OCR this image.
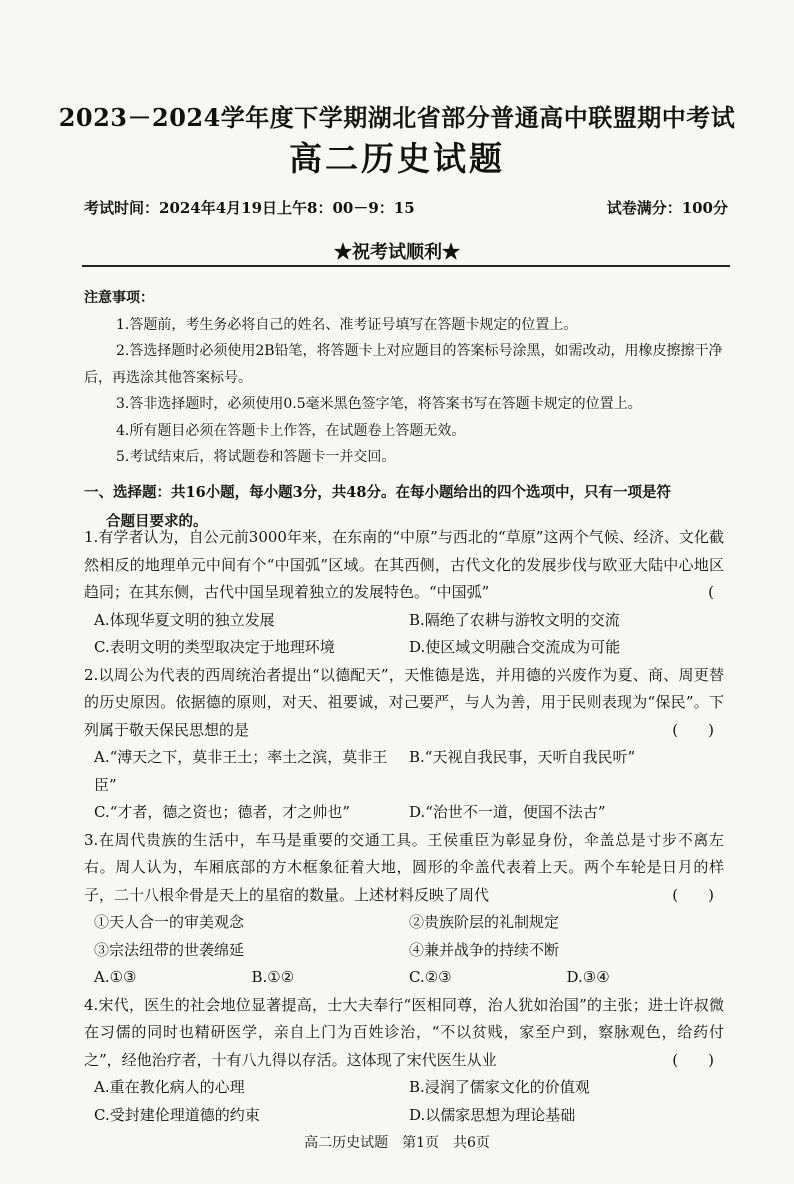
2023－2024学年度下学期湖北省部分普通高中联盟期中考试
高二历史试题
考试时间：2024年4月19日上午8：00－9：15	试卷满分：100分
★祝考试顺利★
注意事项：
1.答题前，考生务必将自己的姓名、准考证号填写在答题卡规定的位置上。
2.答选择题时必须使用2B铅笔，将答题卡上对应题目的答案标号涂黑，如需改动，用橡皮擦擦干净后，再选涂其他答案标号。
3.答非选择题时，必须使用0.5毫米黑色签字笔，将答案书写在答题卡规定的位置上。
4.所有题目必须在答题卡上作答，在试题卷上答题无效。
5.考试结束后，将试题卷和答题卡一并交回。
一、选择题：共16小题，每小题3分，共48分。在每小题给出的四个选项中，只有一项是符
合题目要求的。
1.有学者认为，自公元前3000年来，在东南的“中原”与西北的“草原”这两个气候、经济、文化截然相反的地理单元中间有个“中国弧”区域。在其西侧，古代文化的发展步伐与欧亚大陆中心地区趋同；在其东侧，古代中国呈现着独立的发展特色。“中国弧”	(
A.体现华夏文明的独立发展	B.隔绝了农耕与游牧文明的交流
C.表明文明的类型取决定于地理环境	D.使区域文明融合交流成为可能
2.以周公为代表的西周统治者提出“以德配天”，天惟德是选，并用德的兴废作为夏、商、周更替的历史原因。依据德的原则，对天、祖要诚，对己要严，与人为善，用于民则表现为“保民”。下列属于敬天保民思想的是	(　　)
A.“溥天之下，莫非王土；率土之滨，莫非王臣”
B.“天视自我民事，天听自我民听”
C.“才者，德之资也；德者，才之帅也”	D.“治世不一道，便国不法古”
3.在周代贵族的生活中，车马是重要的交通工具。王侯重臣为彰显身份，伞盖总是寸步不离左右。周人认为，车厢底部的方木框象征着大地，圆形的伞盖代表着上天。两个车轮是日月的样子，二十八根伞骨是天上的星宿的数量。上述材料反映了周代	(　　)
①天人合一的审美观念	②贵族阶层的礼制规定
③宗法纽带的世袭绵延	④兼并战争的持续不断
A.①③	B.①②	C.②③	D.③④
4.宋代，医生的社会地位显著提高，士大夫奉行“医相同尊，治人犹如治国”的主张；进士许叔微在习儒的同时也精研医学，亲自上门为百姓诊治，“不以贫贱，家至户到，察脉观色，给药付之”，经他治疗者，十有八九得以存活。这体现了宋代医生从业	(　　)
A.重在教化病人的心理	B.浸润了儒家文化的价值观
C.受封建伦理道德的约束	D.以儒家思想为理论基础
高二历史试题　第1页　共6页
